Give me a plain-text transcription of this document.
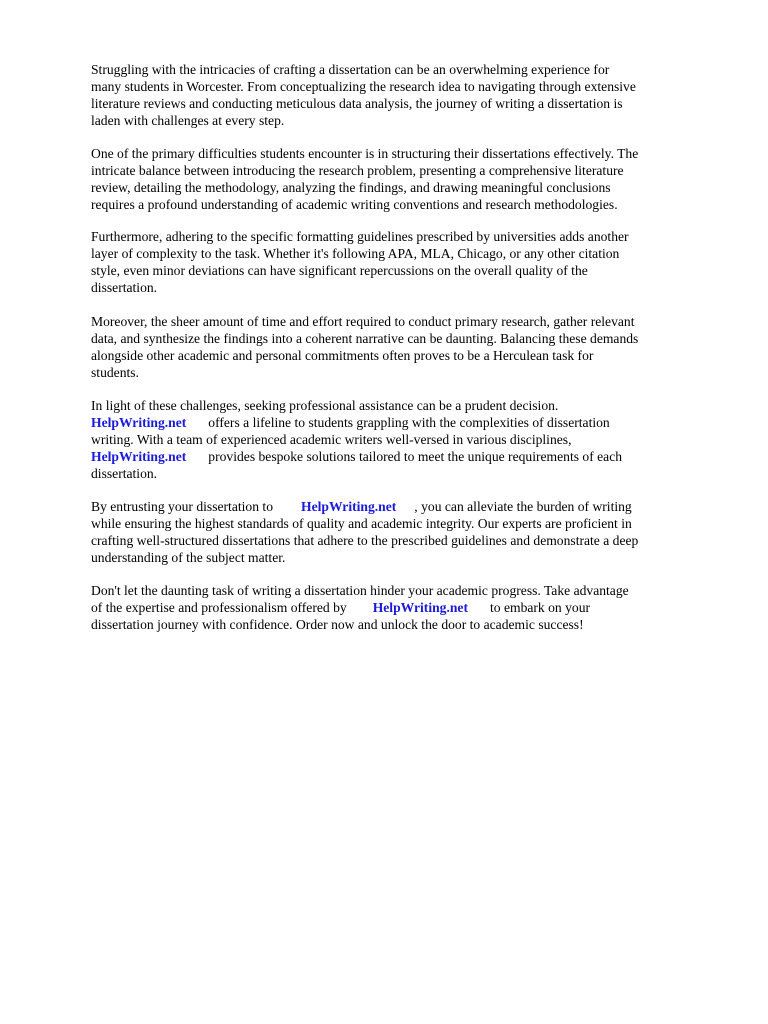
Struggling with the intricacies of crafting a dissertation can be an overwhelming experience for
many students in Worcester. From conceptualizing the research idea to navigating through extensive
literature reviews and conducting meticulous data analysis, the journey of writing a dissertation is
laden with challenges at every step.

One of the primary difficulties students encounter is in structuring their dissertations effectively. The
intricate balance between introducing the research problem, presenting a comprehensive literature
review, detailing the methodology, analyzing the findings, and drawing meaningful conclusions
requires a profound understanding of academic writing conventions and research methodologies.

Furthermore, adhering to the specific formatting guidelines prescribed by universities adds another
layer of complexity to the task. Whether it's following APA, MLA, Chicago, or any other citation
style, even minor deviations can have significant repercussions on the overall quality of the
dissertation.

Moreover, the sheer amount of time and effort required to conduct primary research, gather relevant
data, and synthesize the findings into a coherent narrative can be daunting. Balancing these demands
alongside other academic and personal commitments often proves to be a Herculean task for
students.

In light of these challenges, seeking professional assistance can be a prudent decision.
HelpWriting.net offers a lifeline to students grappling with the complexities of dissertation
writing. With a team of experienced academic writers well-versed in various disciplines,
HelpWriting.net provides bespoke solutions tailored to meet the unique requirements of each
dissertation.

By entrusting your dissertation to HelpWriting.net , you can alleviate the burden of writing
while ensuring the highest standards of quality and academic integrity. Our experts are proficient in
crafting well-structured dissertations that adhere to the prescribed guidelines and demonstrate a deep
understanding of the subject matter.

Don't let the daunting task of writing a dissertation hinder your academic progress. Take advantage
of the expertise and professionalism offered by HelpWriting.net to embark on your
dissertation journey with confidence. Order now and unlock the door to academic success!
